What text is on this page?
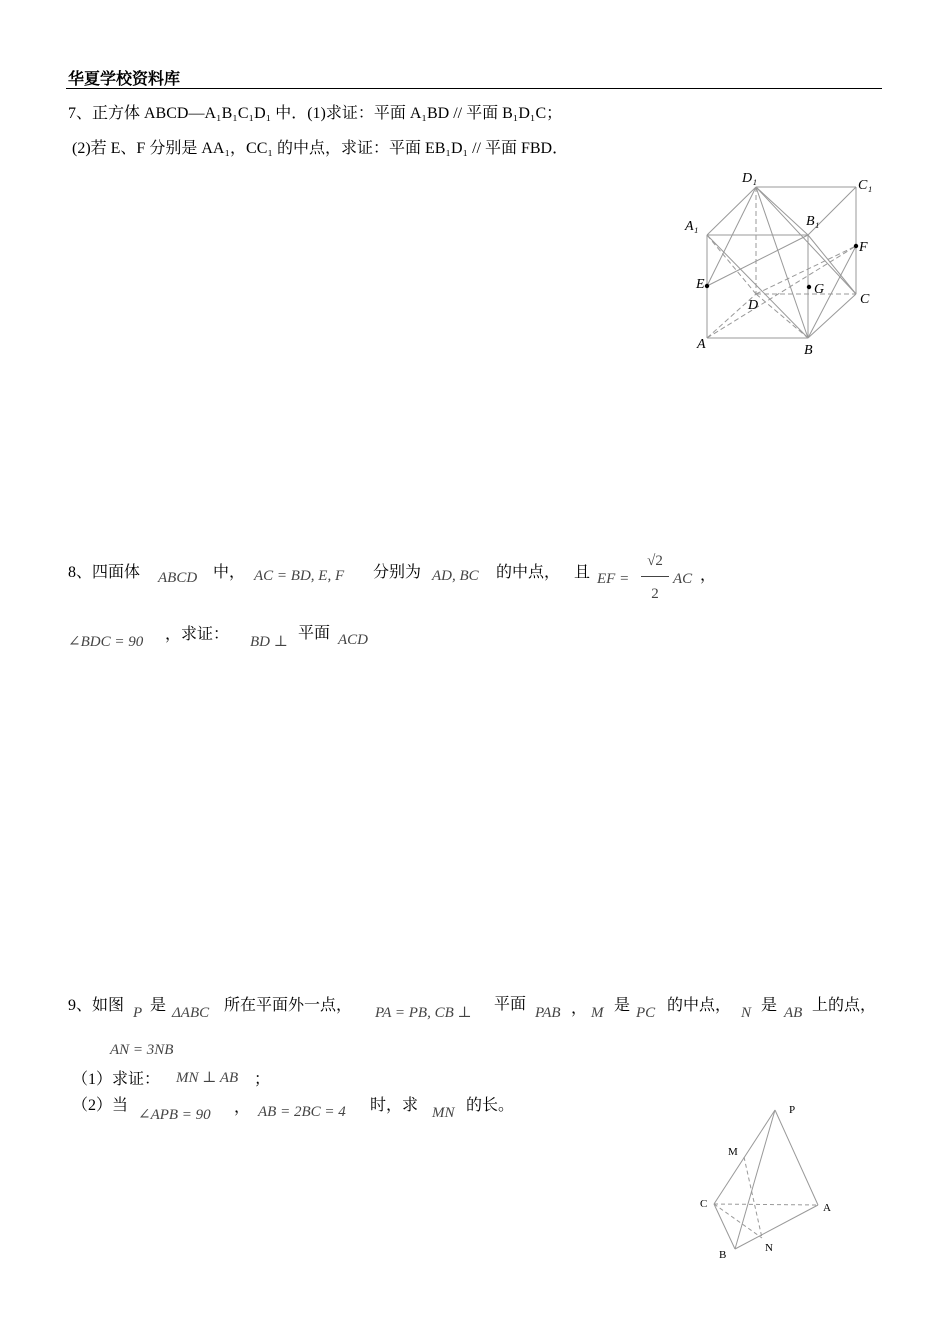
华夏学校资料库
7、正方体 ABCD—A₁B₁C₁D₁ 中．(1)求证：平面 A₁BD // 平面 B₁D₁C；
(2)若 E、F 分别是 AA₁，CC₁ 的中点，求证：平面 EB₁D₁ // 平面 FBD．
D₁	C₁
A₁	B₁
F
E	G
D	C
A	B
8、四面体 ABCD 中， AC = BD, E, F 分别为 AD, BC 的中点， 且 EF =
√2
2
AC ，
∠BDC = 90 ，求证： BD ⊥ 平面 ACD
9、如图 P 是 ΔABC 所在平面外一点， PA = PB, CB ⊥ 平面 PAB ， M 是 PC 的中点， N 是 AB 上的点，
AN = 3NB
（1）求证： MN ⊥ AB ；
（2）当
∠APB = 90 ， AB = 2BC = 4 时，求 MN 的长。	P
M
C	A
B
N
